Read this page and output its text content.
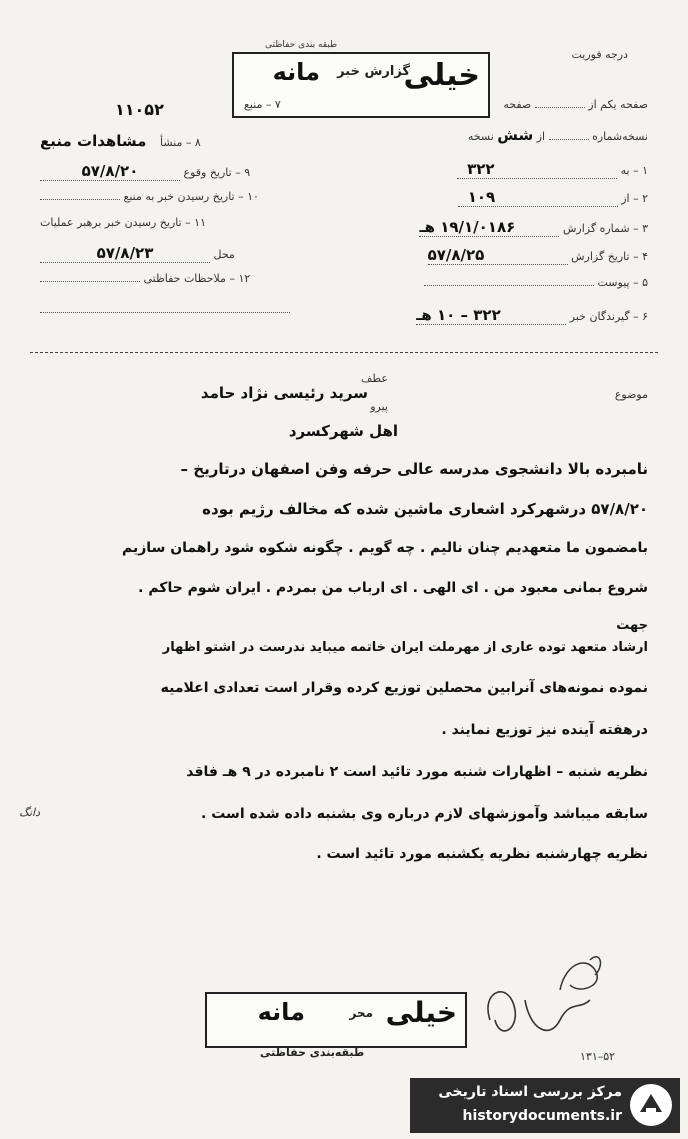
درجه فوریت
طبقه بندی حفاظتی
خیلی
گزارش خبر
مانه
۷ – منبع	صفحه یکم از  صفحه
نسخه‌شماره  از شش نسخه
۱ – به ۳۲۲
۲ – از ۱۰۹
۳ – شماره گزارش ۱۹/۱/۰۱۸۶ هـ
۴ – تاریخ گزارش ۵۷/۸/۲۵
۵ – پیوست
۶ – گیرندگان خبر ۳۲۲ – ۱۰ هـ
۱۱۰۵۲
۸ – منشأ مشاهدات منبع
۹ – تاریخ وقوع ۵۷/۸/۲۰
۱۰ – تاریخ رسیدن خبر به منبع
۱۱ – تاریخ رسیدن خبر برهبر عملیات
محل ۵۷/۸/۲۳
۱۲ – ملاحظات حفاظتی
عطف
پیرو
موضوع
سرید رئیسی نژاد حامد
اهل شهرکسرد
نامبرده بالا دانشجوی مدرسه عالی حرفه وفن اصفهان درتاریخ –
۵۷/۸/۲۰ درشهرکرد اشعاری ماشین شده که مخالف رژیم بوده
بامضمون ما متعهدیم چنان نالیم . چه گویم . چگونه شکوه شود راهمان سازیم
شروع بمانی معبود من . ای الهی . ای ارباب من بمردم . ایران شوم حاکم .
جهت
ارشاد متعهد توده عاری از مهرملت ایران خاتمه میباید ندرست در اشتو اظهار
نموده نمونه‌های آنرابین محصلین توزیع کرده وقرار است تعدادی اعلامیه
درهفته آینده نیز توزیع نمایند .
نظریه شنبه – اظهارات شنبه مورد تائید است ۲ نامبرده در ۹ هـ فاقد
سابقه میباشد وآموزشهای لازم درباره وی بشنبه داده شده است .
نظریه چهارشنبه نظریه یکشنبه مورد تائید است .
دانگ
خیلی
محر
مانه
طبقه‌بندی حفاظتی	۵۲–۱۳۱
مرکز بررسی اسناد تاریخی
historydocuments.ir
